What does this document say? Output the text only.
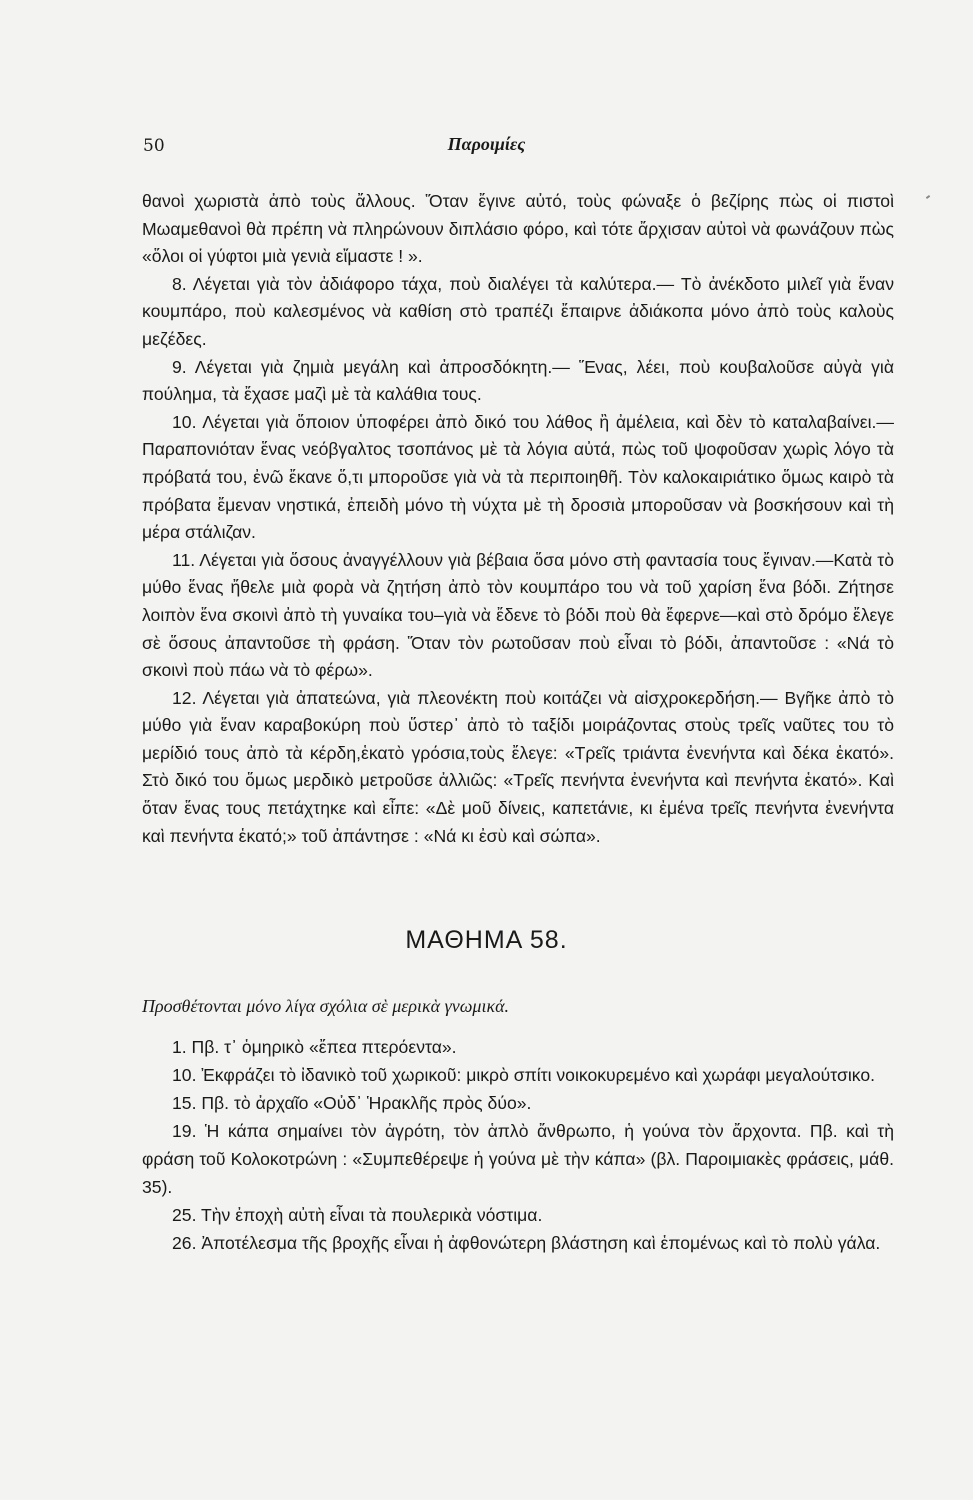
50	Παροιμίες

θανοὶ χωριστὰ ἀπὸ τοὺς ἄλλους. Ὅταν ἔγινε αὐτό, τοὺς φώναξε ὁ βεζίρης πὼς οἱ πιστοὶ Μωαμεθανοὶ θὰ πρέπη νὰ πληρώνουν διπλάσιο φόρο, καὶ τότε ἄρχισαν αὐτοὶ νὰ φωνάζουν πὼς «ὅλοι οἱ γύφτοι μιὰ γενιὰ εἴμαστε ! ».

8. Λέγεται γιὰ τὸν ἀδιάφορο τάχα, ποὺ διαλέγει τὰ καλύτερα.— Τὸ ἀνέκδοτο μιλεῖ γιὰ ἕναν κουμπάρο, ποὺ καλεσμένος νὰ καθίση στὸ τραπέζι ἔπαιρνε ἀδιάκοπα μόνο ἀπὸ τοὺς καλοὺς μεζέδες.

9. Λέγεται γιὰ ζημιὰ μεγάλη καὶ ἀπροσδόκητη.— Ἕνας, λέει, ποὺ κουβαλοῦσε αὐγὰ γιὰ πούλημα, τὰ ἔχασε μαζὶ μὲ τὰ καλάθια τους.

10. Λέγεται γιὰ ὅποιον ὑποφέρει ἀπὸ δικό του λάθος ἢ ἀμέλεια, καὶ δὲν τὸ καταλαβαίνει.— Παραπονιόταν ἕνας νεόβγαλτος τσοπάνος μὲ τὰ λόγια αὐτά, πὼς τοῦ ψοφοῦσαν χωρὶς λόγο τὰ πρόβατά του, ἐνῶ ἔκανε ὅ,τι μποροῦσε γιὰ νὰ τὰ περιποιηθῆ. Τὸν καλοκαιριάτικο ὅμως καιρὸ τὰ πρόβατα ἔμεναν νηστικά, ἐπειδὴ μόνο τὴ νύχτα μὲ τὴ δροσιὰ μποροῦσαν νὰ βοσκήσουν καὶ τὴ μέρα στάλιζαν.

11. Λέγεται γιὰ ὅσους ἀναγγέλλουν γιὰ βέβαια ὅσα μόνο στὴ φαντασία τους ἔγιναν.—Κατὰ τὸ μύθο ἕνας ἤθελε μιὰ φορὰ νὰ ζητήση ἀπὸ τὸν κουμπάρο του νὰ τοῦ χαρίση ἕνα βόδι. Ζήτησε λοιπὸν ἕνα σκοινὶ ἀπὸ τὴ γυναίκα του–γιὰ νὰ ἔδενε τὸ βόδι ποὺ θὰ ἔφερνε—καὶ στὸ δρόμο ἔλεγε σὲ ὅσους ἀπαντοῦσε τὴ φράση. Ὅταν τὸν ρωτοῦσαν ποὺ εἶναι τὸ βόδι, ἀπαντοῦσε : «Νά τὸ σκοινὶ ποὺ πάω νὰ τὸ φέρω».

12. Λέγεται γιὰ ἀπατεώνα, γιὰ πλεονέκτη ποὺ κοιτάζει νὰ αἰσχροκερδήση.— Βγῆκε ἀπὸ τὸ μύθο γιὰ ἕναν καραβοκύρη ποὺ ὕστερ᾽ ἀπὸ τὸ ταξίδι μοιράζοντας στοὺς τρεῖς ναῦτες του τὸ μερίδιό τους ἀπὸ τὰ κέρδη,ἑκατὸ γρόσια,τοὺς ἔλεγε: «Τρεῖς τριάντα ἐνενήντα καὶ δέκα ἑκατό». Στὸ δικό του ὅμως μερδικὸ μετροῦσε ἀλλιῶς: «Τρεῖς πενήντα ἐνενήντα καὶ πενήντα ἑκατό». Καὶ ὅταν ἕνας τους πετάχτηκε καὶ εἶπε: «Δὲ μοῦ δίνεις, καπετάνιε, κι ἐμένα τρεῖς πενήντα ἐνενήντα καὶ πενήντα ἑκατό;» τοῦ ἀπάντησε : «Νά κι ἐσὺ καὶ σώπα».

ΜΑΘΗΜΑ 58.
Προσθέτονται μόνο λίγα σχόλια σὲ μερικὰ γνωμικά.

1. Πβ. τ᾽ ὁμηρικὸ «ἔπεα πτερόεντα».

10. Ἐκφράζει τὸ ἰδανικὸ τοῦ χωρικοῦ: μικρὸ σπίτι νοικοκυρεμένο καὶ χωράφι μεγαλούτσικο.

15. Πβ. τὸ ἀρχαῖο «Οὐδ᾽ Ἡρακλῆς πρὸς δύο».

19. Ἡ κάπα σημαίνει τὸν ἀγρότη, τὸν ἁπλὸ ἄνθρωπο, ἡ γούνα τὸν ἄρχοντα. Πβ. καὶ τὴ φράση τοῦ Κολοκοτρώνη : «Συμπεθέρεψε ἡ γούνα μὲ τὴν κάπα» (βλ. Παροιμιακὲς φράσεις, μάθ. 35).

25. Τὴν ἐποχὴ αὐτὴ εἶναι τὰ πουλερικὰ νόστιμα.

26. Ἀποτέλεσμα τῆς βροχῆς εἶναι ἡ ἀφθονώτερη βλάστηση καὶ ἑπομένως καὶ τὸ πολὺ γάλα.
